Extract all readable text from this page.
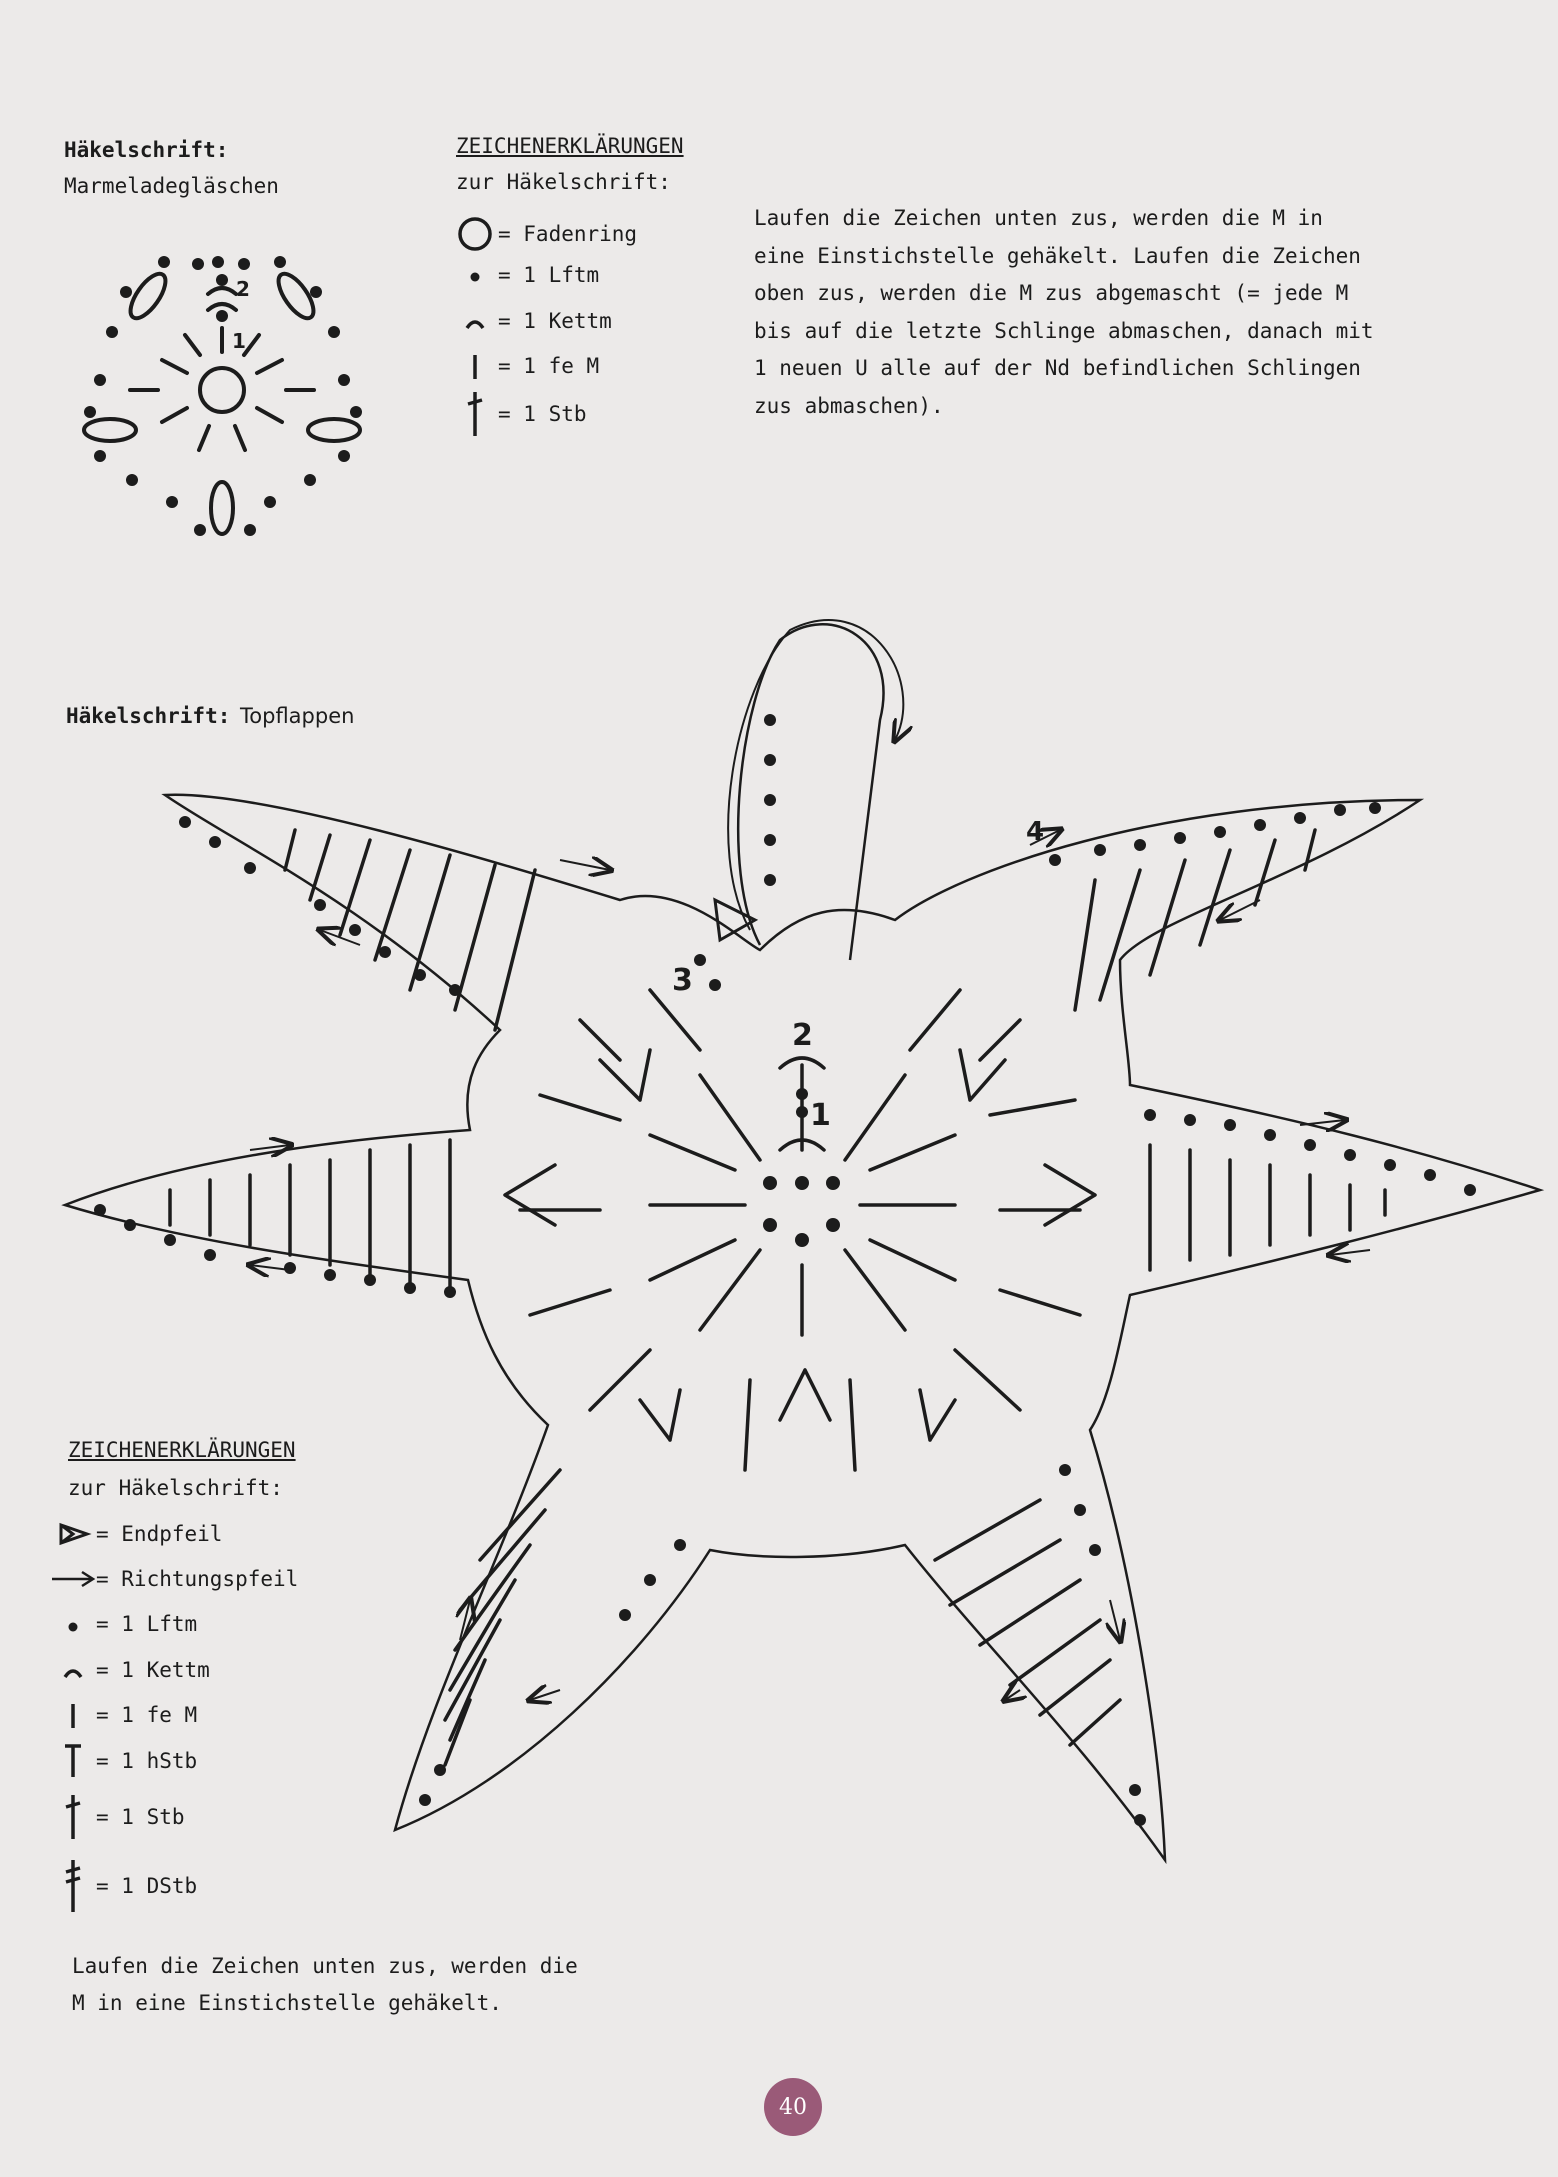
Häkelschrift:
Marmeladegläschen
2
1
ZEICHENERKLÄRUNGEN
zur Häkelschrift:
= Fadenring
= 1 Lftm
= 1 Kettm
= 1 fe M
= 1 Stb
Laufen die Zeichen unten zus, werden die M in
eine Einstichstelle gehäkelt. Laufen die Zeichen
oben zus, werden die M zus abgemascht (= jede M
bis auf die letzte Schlinge abmaschen, danach mit
1 neuen U alle auf der Nd befindlichen Schlingen
zus abmaschen).
Häkelschrift: Topflappen
1
2
3
4
ZEICHENERKLÄRUNGEN
zur Häkelschrift:
= Endpfeil
= Richtungspfeil
= 1 Lftm
= 1 Kettm
= 1 fe M
= 1 hStb
= 1 Stb
= 1 DStb
Laufen die Zeichen unten zus, werden die
M in eine Einstichstelle gehäkelt.
40
